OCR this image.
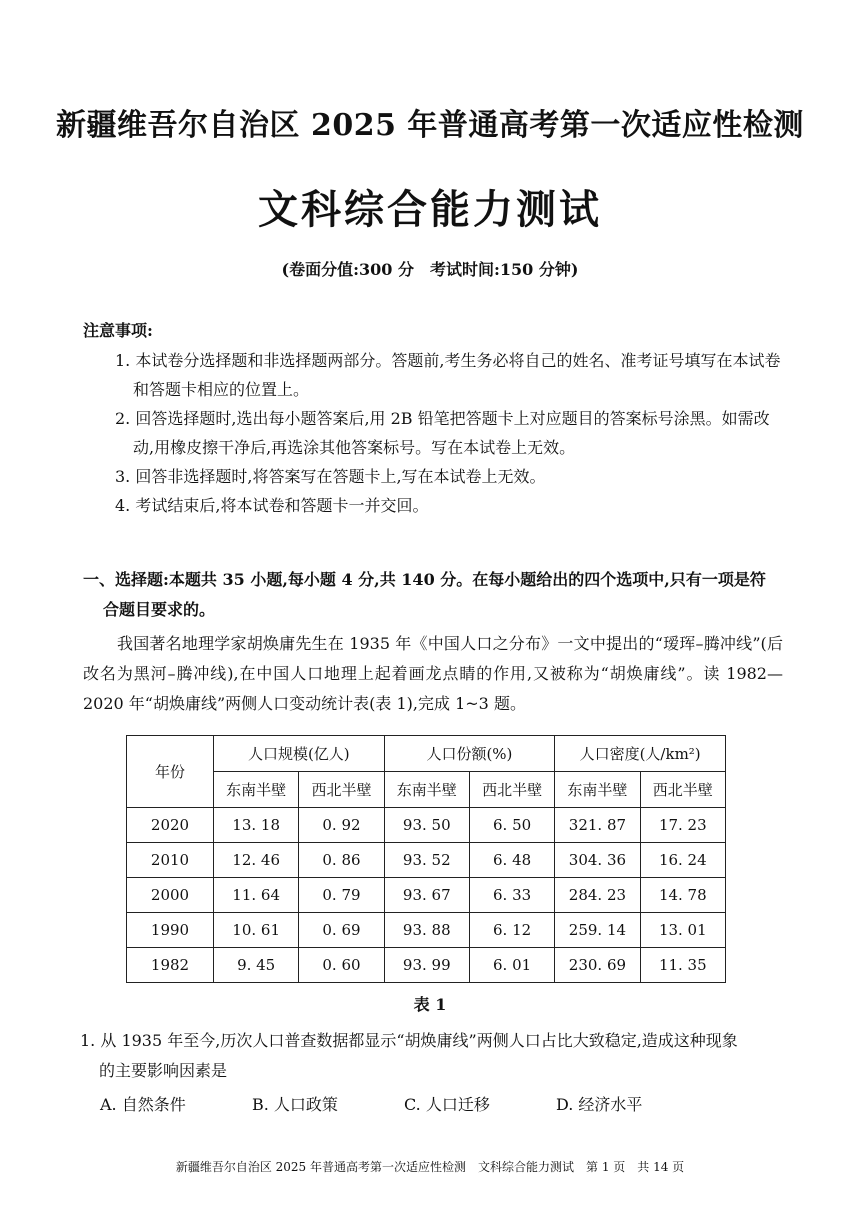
新疆维吾尔自治区 2025 年普通高考第一次适应性检测
文科综合能力测试
(卷面分值:300 分　考试时间:150 分钟)
注意事项:
1. 本试卷分选择题和非选择题两部分。答题前,考生务必将自己的姓名、准考证号填写在本试卷和答题卡相应的位置上。
2. 回答选择题时,选出每小题答案后,用 2B 铅笔把答题卡上对应题目的答案标号涂黑。如需改动,用橡皮擦干净后,再选涂其他答案标号。写在本试卷上无效。
3. 回答非选择题时,将答案写在答题卡上,写在本试卷上无效。
4. 考试结束后,将本试卷和答题卡一并交回。
一、选择题:本题共 35 小题,每小题 4 分,共 140 分。在每小题给出的四个选项中,只有一项是符
合题目要求的。
我国著名地理学家胡焕庸先生在 1935 年《中国人口之分布》一文中提出的“瑷珲–腾冲线”(后改名为黑河–腾冲线),在中国人口地理上起着画龙点睛的作用,又被称为“胡焕庸线”。读 1982—2020 年“胡焕庸线”两侧人口变动统计表(表 1),完成 1~3 题。
年份	人口规模(亿人)		人口份额(%)		人口密度(人/km²)	
	东南半壁	西北半壁	东南半壁	西北半壁	东南半壁	西北半壁
2020	13. 18	0. 92	93. 50	6. 50	321. 87	17. 23
2010	12. 46	0. 86	93. 52	6. 48	304. 36	16. 24
2000	11. 64	0. 79	93. 67	6. 33	284. 23	14. 78
1990	10. 61	0. 69	93. 88	6. 12	259. 14	13. 01
1982	9. 45	0. 60	93. 99	6. 01	230. 69	11. 35
表 1
1. 从 1935 年至今,历次人口普查数据都显示“胡焕庸线”两侧人口占比大致稳定,造成这种现象
的主要影响因素是
A. 自然条件	B. 人口政策	C. 人口迁移	D. 经济水平
新疆维吾尔自治区 2025 年普通高考第一次适应性检测　文科综合能力测试　第 1 页　共 14 页
